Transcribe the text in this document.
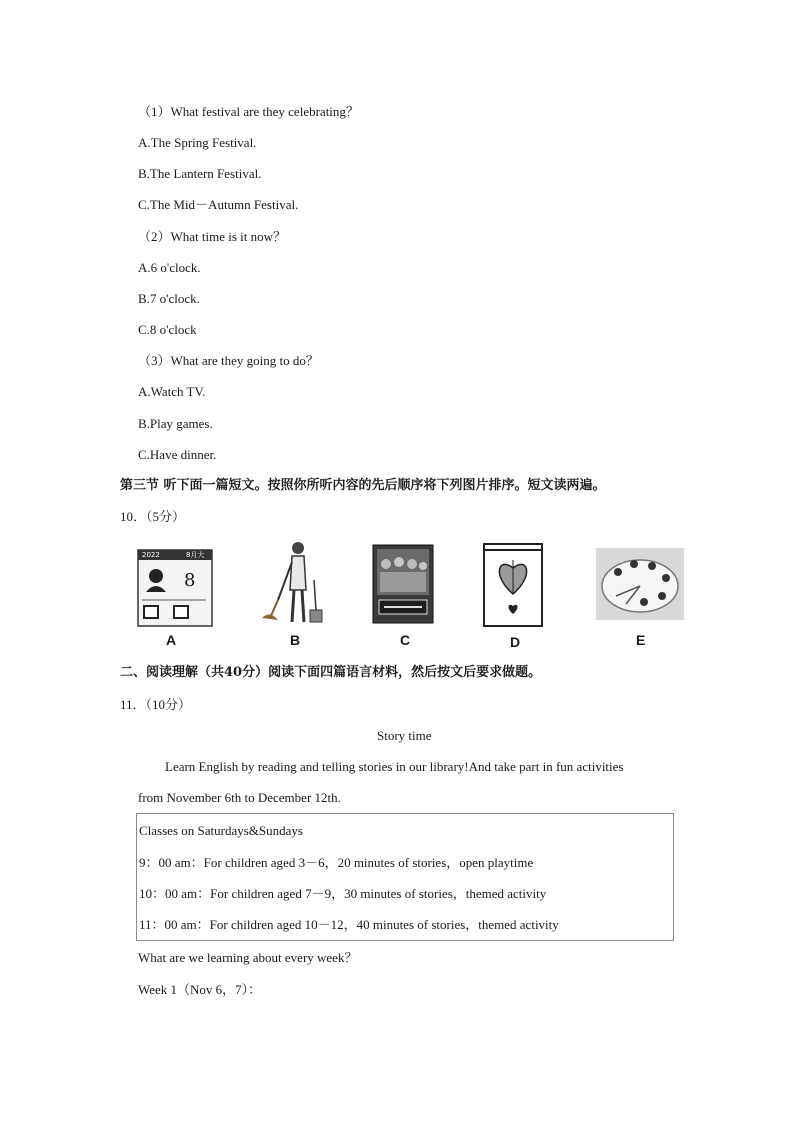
（1）What festival are they celebrating？
A.The Spring Festival.
B.The Lantern Festival.
C.The Mid－Autumn Festival.
（2）What time is it now？
A.6 o'clock.
B.7 o'clock.
C.8 o'clock
（3）What are they going to do？
A.Watch TV.
B.Play games.
C.Have dinner.
第三节 听下面一篇短文。按照你所听内容的先后顺序将下列图片排序。短文读两遍。
10．（5分）
2022	8月大
8
A	B	C	D	E
二、阅读理解（共40分）阅读下面四篇语言材料，然后按文后要求做题。
11．（10分）
Story time
Learn English by reading and telling stories in our library!And take part in fun activities
from November 6th to December 12th.
Classes on Saturdays&Sundays
9：00 am：For children aged 3－6，20 minutes of stories，open playtime
10：00 am：For children aged 7－9，30 minutes of stories，themed activity
11：00 am：For children aged 10－12，40 minutes of stories，themed activity
What are we learning about every week？
Week 1（Nov 6，7）：
